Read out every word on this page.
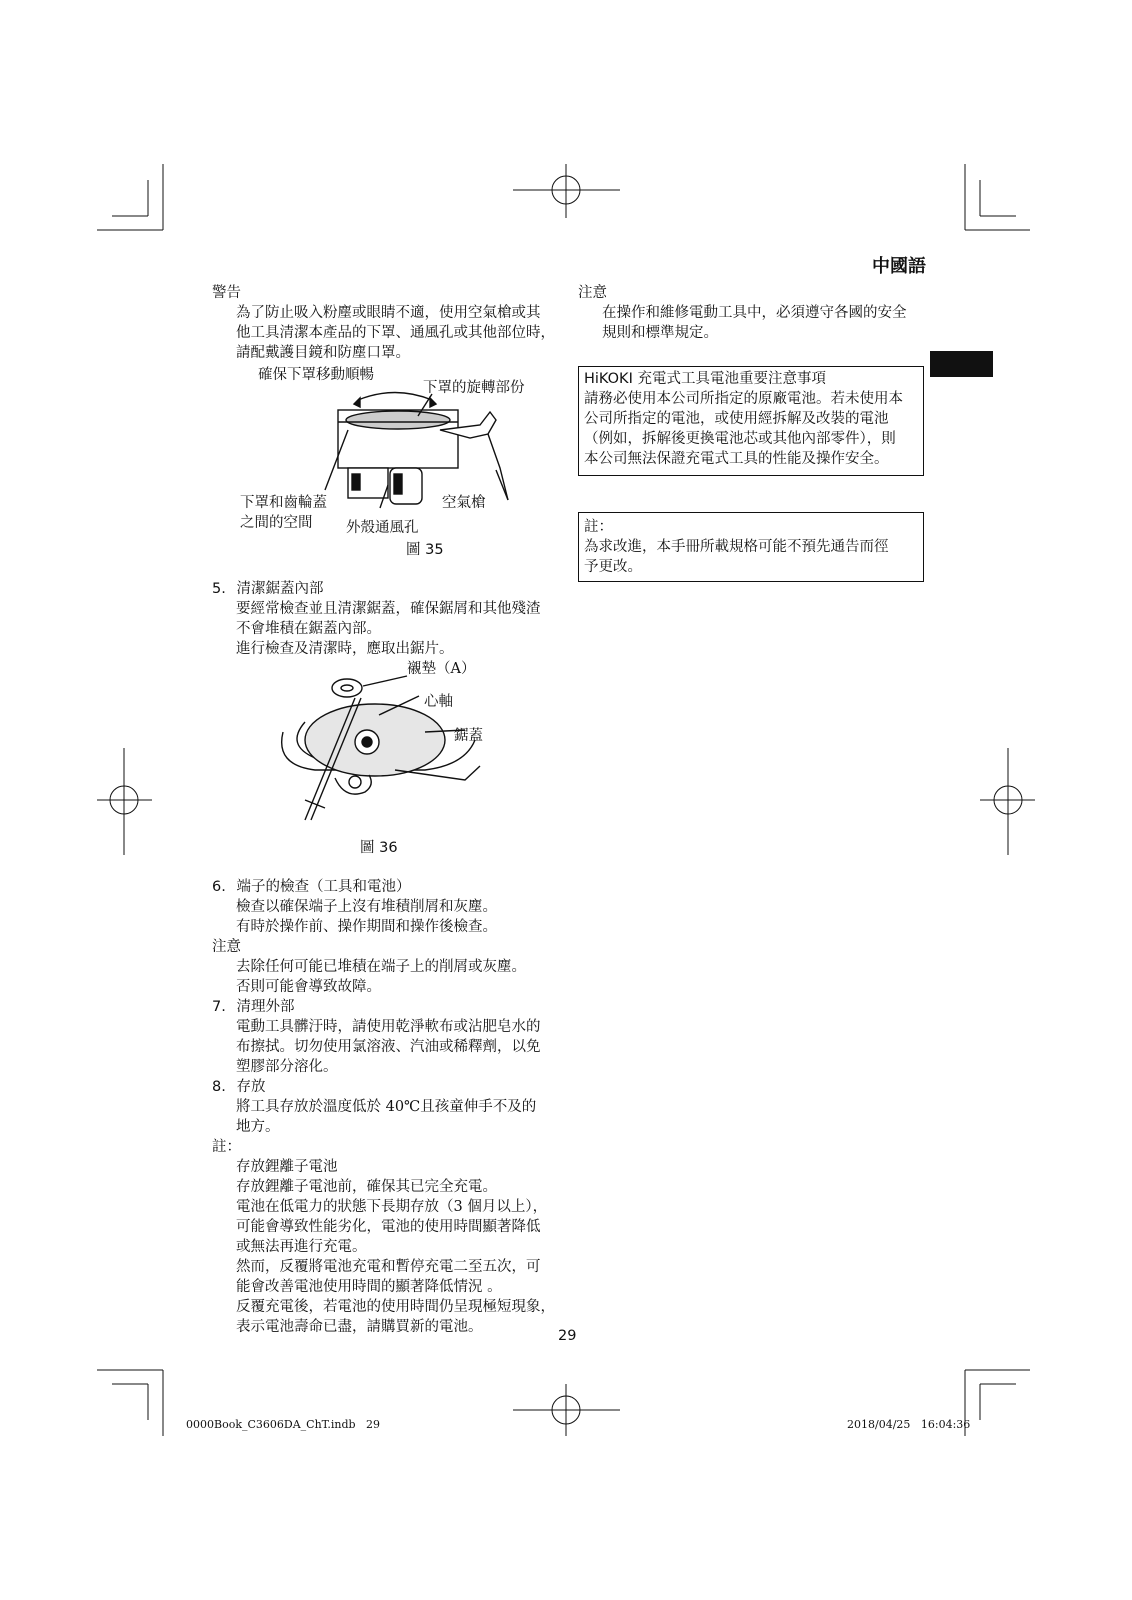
中國語
警告
為了防止吸入粉塵或眼睛不適，使用空氣槍或其
他工具清潔本產品的下罩、通風孔或其他部位時，
請配戴護目鏡和防塵口罩。
確保下罩移動順暢
下罩的旋轉部份
下罩和齒輪蓋
之間的空間
空氣槍
外殼通風孔
圖 35
5. 清潔鋸蓋內部
要經常檢查並且清潔鋸蓋，確保鋸屑和其他殘渣
不會堆積在鋸蓋內部。
進行檢查及清潔時，應取出鋸片。
襯墊（A）
心軸
鋸蓋
圖 36
6. 端子的檢查（工具和電池）
檢查以確保端子上沒有堆積削屑和灰塵。
有時於操作前、操作期間和操作後檢查。
注意
去除任何可能已堆積在端子上的削屑或灰塵。
否則可能會導致故障。
7. 清理外部
電動工具髒汙時，請使用乾淨軟布或沾肥皂水的
布擦拭。切勿使用氯溶液、汽油或稀釋劑，以免
塑膠部分溶化。
8. 存放
將工具存放於溫度低於 40℃且孩童伸手不及的
地方。
註：
存放鋰離子電池
存放鋰離子電池前，確保其已完全充電。
電池在低電力的狀態下長期存放（3 個月以上），
可能會導致性能劣化，電池的使用時間顯著降低
或無法再進行充電。
然而，反覆將電池充電和暫停充電二至五次，可
能會改善電池使用時間的顯著降低情況 。
反覆充電後，若電池的使用時間仍呈現極短現象，
表示電池壽命已盡，請購買新的電池。
注意
在操作和維修電動工具中，必須遵守各國的安全
規則和標準規定。
HiKOKI 充電式工具電池重要注意事項
請務必使用本公司所指定的原廠電池。若未使用本
公司所指定的電池，或使用經拆解及改裝的電池
（例如，拆解後更換電池芯或其他內部零件），則
本公司無法保證充電式工具的性能及操作安全。
註：
為求改進，本手冊所載規格可能不預先通告而徑
予更改。
29
0000Book_C3606DA_ChT.indb   29	2018/04/25   16:04:36
